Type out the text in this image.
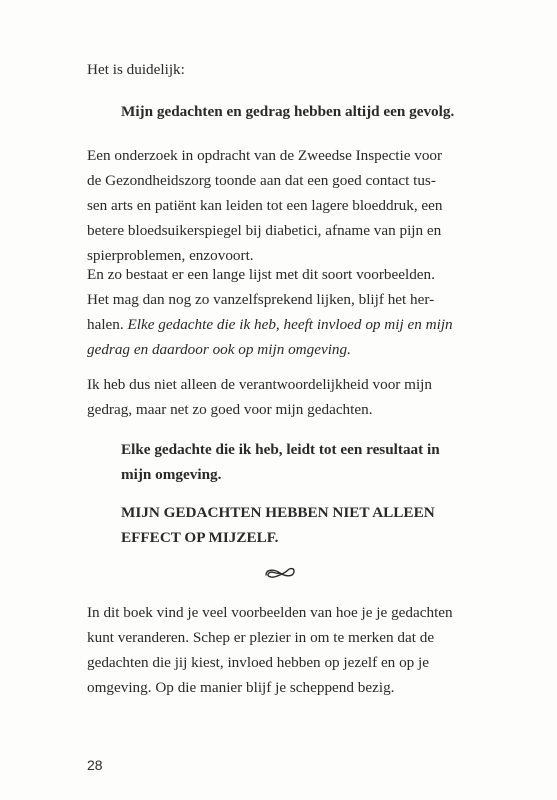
Het is duidelijk:

Mijn gedachten en gedrag hebben altijd een gevolg.

Een onderzoek in opdracht van de Zweedse Inspectie voor
de Gezondheidszorg toonde aan dat een goed contact tus-
sen arts en patiënt kan leiden tot een lagere bloeddruk, een
betere bloedsuikerspiegel bij diabetici, afname van pijn en
spierproblemen, enzovoort.

En zo bestaat er een lange lijst met dit soort voorbeelden.
Het mag dan nog zo vanzelfsprekend lijken, blijf het her-
halen. Elke gedachte die ik heb, heeft invloed op mij en mijn
gedrag en daardoor ook op mijn omgeving.

Ik heb dus niet alleen de verantwoordelijkheid voor mijn
gedrag, maar net zo goed voor mijn gedachten.

Elke gedachte die ik heb, leidt tot een resultaat in
mijn omgeving.

MIJN GEDACHTEN HEBBEN NIET ALLEEN
EFFECT OP MIJZELF.

In dit boek vind je veel voorbeelden van hoe je je gedachten
kunt veranderen. Schep er plezier in om te merken dat de
gedachten die jij kiest, invloed hebben op jezelf en op je
omgeving. Op die manier blijf je scheppend bezig.

28
